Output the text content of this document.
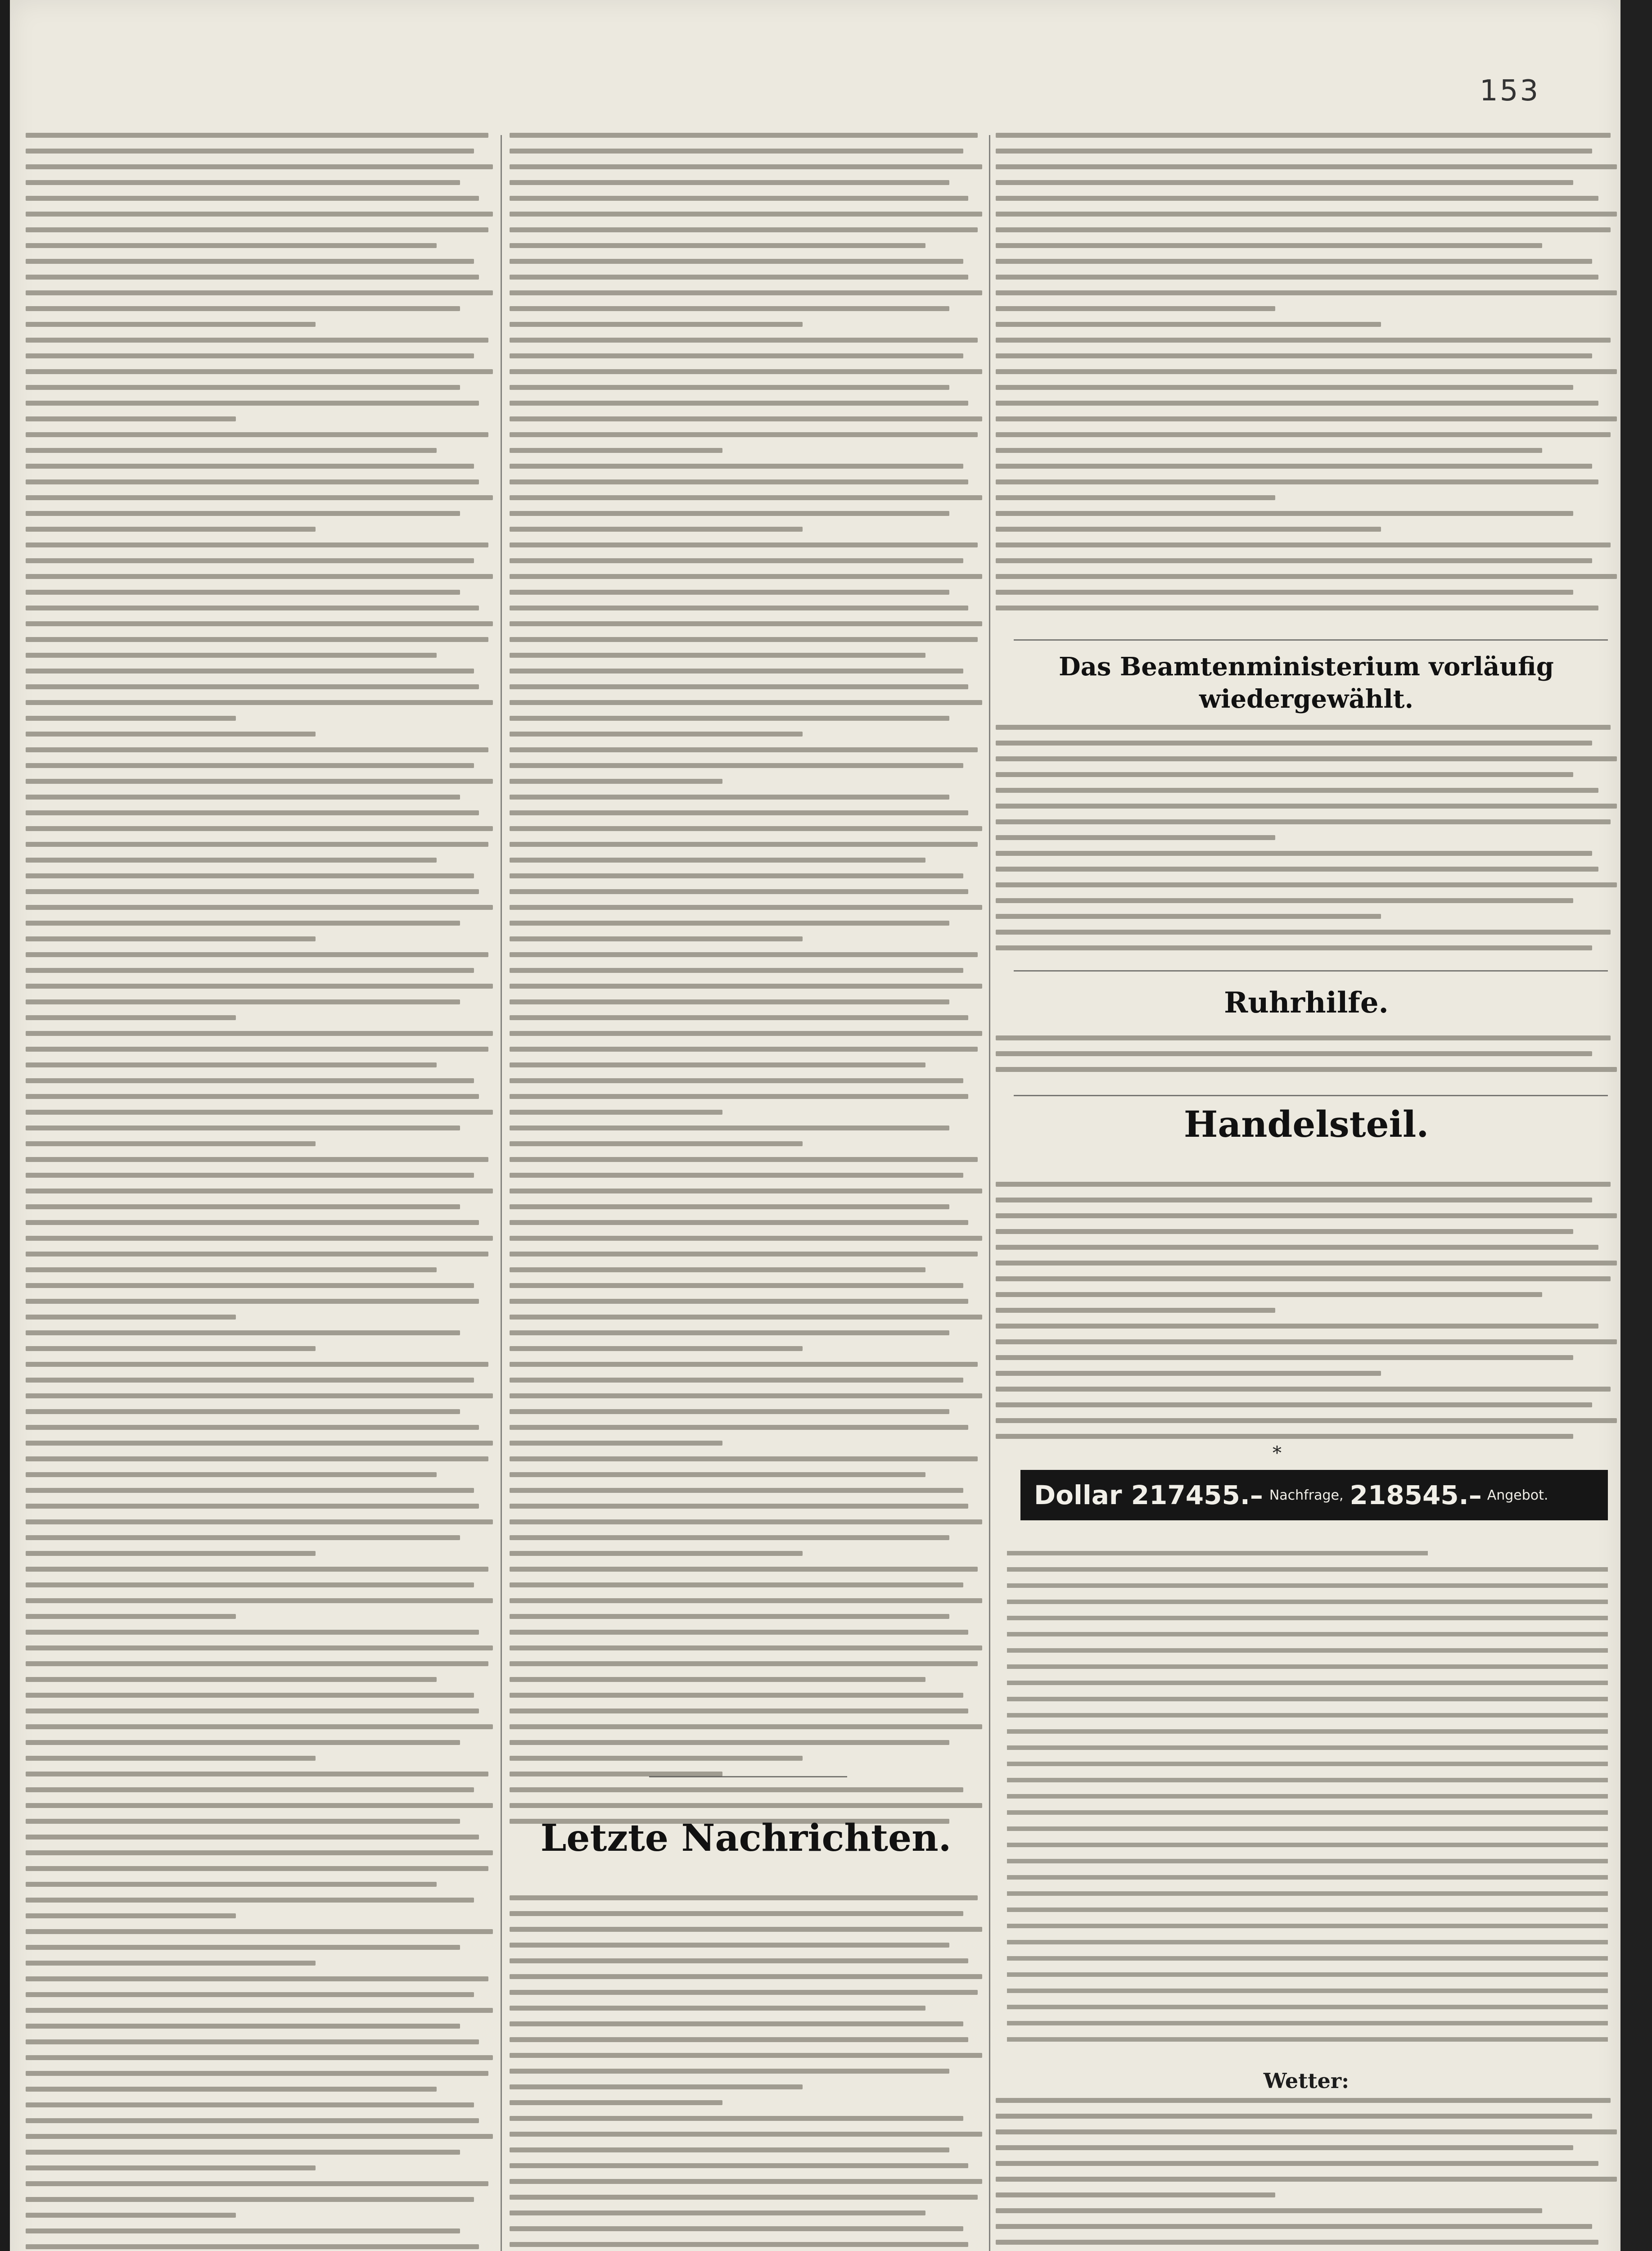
153
Letzte Nachrichten.
Das Beamtenministerium vorläufig wiedergewählt.
Ruhrhilfe.
Handelsteil.
*
Dollar 217455.– Nachfrage, 218545.– Angebot.
Wetter:
